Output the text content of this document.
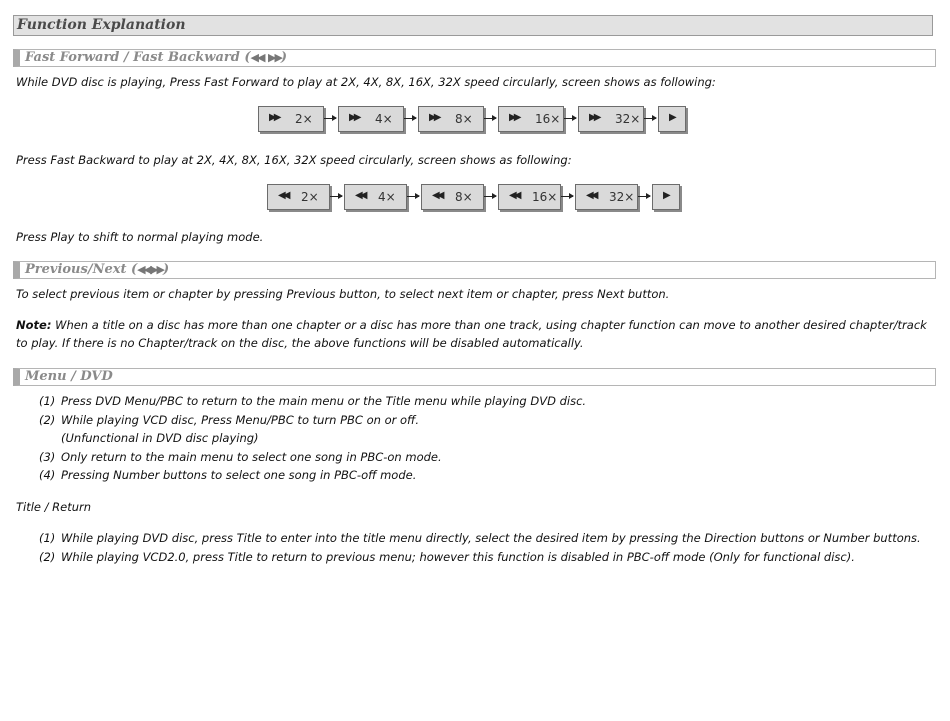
Function Explanation
Fast Forward / Fast Backward (◀◀ ▶▶)
While DVD disc is playing, Press Fast Forward to play at 2X, 4X, 8X, 16X, 32X speed circularly, screen shows as following:
▶▶ 2×	▶▶ 4×	▶▶ 8×	▶▶ 16×	▶▶ 32×	▶
Press Fast Backward to play at 2X, 4X, 8X, 16X, 32X speed circularly, screen shows as following:
◀◀ 2×	◀◀ 4×	◀◀ 8×	◀◀ 16×	◀◀ 32×	▶
Press Play to shift to normal playing mode.
Previous/Next (◀◀▶▶)
To select previous item or chapter by pressing Previous button, to select next item or chapter, press Next button.
Note: When a title on a disc has more than one chapter or a disc has more than one track, using chapter function can move to another desired chapter/track to play. If there is no Chapter/track on the disc, the above functions will be disabled automatically.
Menu / DVD
(1) Press DVD Menu/PBC to return to the main menu or the Title menu while playing DVD disc.
(2) While playing VCD disc, Press Menu/PBC to turn PBC on or off.
(Unfunctional in DVD disc playing)
(3) Only return to the main menu to select one song in PBC-on mode.
(4) Pressing Number buttons to select one song in PBC-off mode.
Title / Return
(1) While playing DVD disc, press Title to enter into the title menu directly, select the desired item by pressing the Direction buttons or Number buttons.
(2) While playing VCD2.0, press Title to return to previous menu; however this function is disabled in PBC-off mode (Only for functional disc).
